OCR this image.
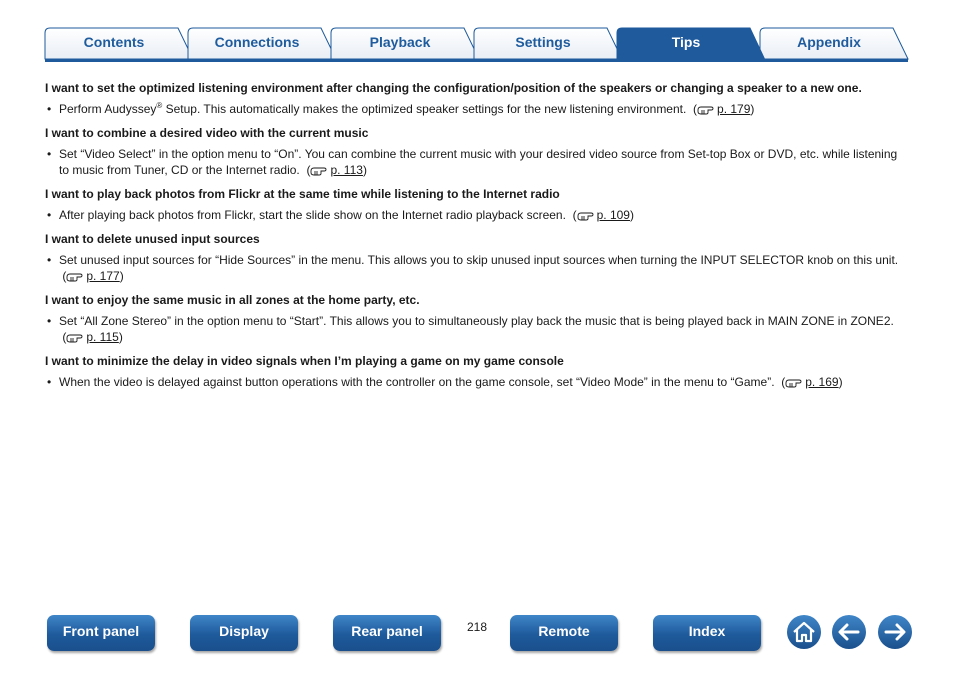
Contents	Connections	Playback	Settings	Tips	Appendix

I want to set the optimized listening environment after changing the configuration/position of the speakers or changing a speaker to a new one.

• Perform Audyssey® Setup. This automatically makes the optimized speaker settings for the new listening environment.  ( p. 179)

I want to combine a desired video with the current music

• Set “Video Select” in the option menu to “On”. You can combine the current music with your desired video source from Set-top Box or DVD, etc. while listening to music from Tuner, CD or the Internet radio.  ( p. 113)

I want to play back photos from Flickr at the same time while listening to the Internet radio

• After playing back photos from Flickr, start the slide show on the Internet radio playback screen.  ( p. 109)

I want to delete unused input sources

• Set unused input sources for “Hide Sources” in the menu. This allows you to skip unused input sources when turning the INPUT SELECTOR knob on this unit.  ( p. 177)

I want to enjoy the same music in all zones at the home party, etc.

• Set “All Zone Stereo” in the option menu to “Start”. This allows you to simultaneously play back the music that is being played back in MAIN ZONE in ZONE2.  ( p. 115)

I want to minimize the delay in video signals when I’m playing a game on my game console

• When the video is delayed against button operations with the controller on the game console, set “Video Mode” in the menu to “Game”.  ( p. 169)
Front panel	Display	Rear panel	218	Remote	Index
